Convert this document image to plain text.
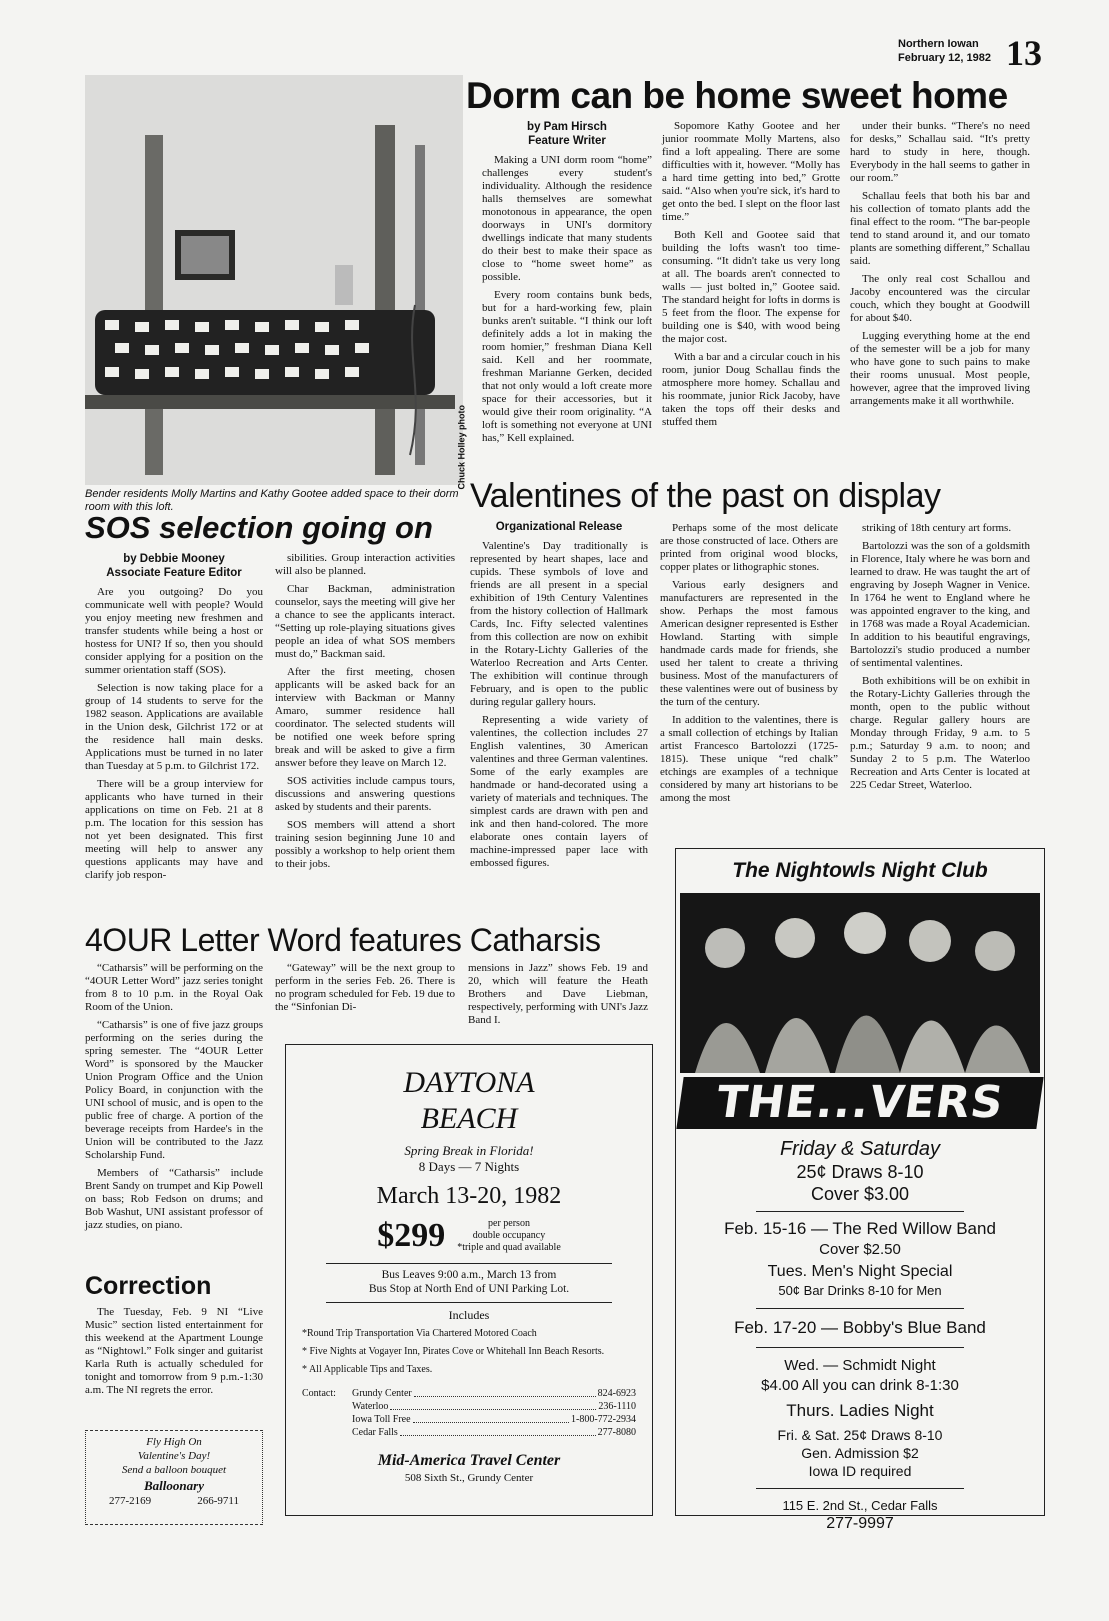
Northern Iowan
February 12, 1982 13
Chuck Holley photo
Bender residents Molly Martins and Kathy Gootee added space to their dorm room with this loft.
Dorm can be home sweet home
by Pam Hirsch
Feature Writer

Making a UNI dorm room “home” challenges every student's individuality. Although the residence halls themselves are somewhat monotonous in appearance, the open doorways in UNI's dormitory dwellings indicate that many students do their best to make their space as close to “home sweet home” as possible.

Every room contains bunk beds, but for a hard-working few, plain bunks aren't suitable. “I think our loft definitely adds a lot in making the room homier,” freshman Diana Kell said. Kell and her roommate, freshman Marianne Gerken, decided that not only would a loft create more space for their accessories, but it would give their room originality. “A loft is something not everyone at UNI has,” Kell explained.

Sopomore Kathy Gootee and her junior roommate Molly Martens, also find a loft appealing. There are some difficulties with it, however. “Molly has a hard time getting into bed,” Grotte said. “Also when you're sick, it's hard to get onto the bed. I slept on the floor last time.”

Both Kell and Gootee said that building the lofts wasn't too time-consuming. “It didn't take us very long at all. The boards aren't connected to walls — just bolted in,” Gootee said. The standard height for lofts in dorms is 5 feet from the floor. The expense for building one is $40, with wood being the major cost.

With a bar and a circular couch in his room, junior Doug Schallau finds the atmosphere more homey. Schallau and his roommate, junior Rick Jacoby, have taken the tops off their desks and stuffed them

under their bunks. “There's no need for desks,” Schallau said. “It's pretty hard to study in here, though. Everybody in the hall seems to gather in our room.”

Schallau feels that both his bar and his collection of tomato plants add the final effect to the room. “The bar-people tend to stand around it, and our tomato plants are something different,” Schallau said.

The only real cost Schallou and Jacoby encountered was the circular couch, which they bought at Goodwill for about $40.

Lugging everything home at the end of the semester will be a job for many who have gone to such pains to make their rooms unusual. Most people, however, agree that the improved living arrangements make it all worthwhile.

SOS selection going on
by Debbie Mooney
Associate Feature Editor

Are you outgoing? Do you communicate well with people? Would you enjoy meeting new freshmen and transfer students while being a host or hostess for UNI? If so, then you should consider applying for a position on the summer orientation staff (SOS).

Selection is now taking place for a group of 14 students to serve for the 1982 season. Applications are available in the Union desk, Gilchrist 172 or at the residence hall main desks. Applications must be turned in no later than Tuesday at 5 p.m. to Gilchrist 172.

There will be a group interview for applicants who have turned in their applications on time on Feb. 21 at 8 p.m. The location for this session has not yet been designated. This first meeting will help to answer any questions applicants may have and clarify job respon-

sibilities. Group interaction activities will also be planned.

Char Backman, administration counselor, says the meeting will give her a chance to see the applicants interact. “Setting up role-playing situations gives people an idea of what SOS members must do,” Backman said.

After the first meeting, chosen applicants will be asked back for an interview with Backman or Manny Amaro, summer residence hall coordinator. The selected students will be notified one week before spring break and will be asked to give a firm answer before they leave on March 12.

SOS activities include campus tours, discussions and answering questions asked by students and their parents.

SOS members will attend a short training sesion beginning June 10 and possibly a workshop to help orient them to their jobs.

Valentines of the past on display
Organizational Release

Valentine's Day traditionally is represented by heart shapes, lace and cupids. These symbols of love and friends are all present in a special exhibition of 19th Century Valentines from the history collection of Hallmark Cards, Inc. Fifty selected valentines from this collection are now on exhibit in the Rotary-Lichty Galleries of the Waterloo Recreation and Arts Center. The exhibition will continue through February, and is open to the public during regular gallery hours.

Representing a wide variety of valentines, the collection includes 27 English valentines, 30 American valentines and three German valentines. Some of the early examples are handmade or hand-decorated using a variety of materials and techniques. The simplest cards are drawn with pen and ink and then hand-colored. The more elaborate ones contain layers of machine-impressed paper lace with embossed figures.

Perhaps some of the most delicate are those constructed of lace. Others are printed from original wood blocks, copper plates or lithographic stones.

Various early designers and manufacturers are represented in the show. Perhaps the most famous American designer represented is Esther Howland. Starting with simple handmade cards made for friends, she used her talent to create a thriving business. Most of the manufacturers of these valentines were out of business by the turn of the century.

In addition to the valentines, there is a small collection of etchings by Italian artist Francesco Bartolozzi (1725-1815). These unique “red chalk” etchings are examples of a technique considered by many art historians to be among the most

striking of 18th century art forms.

Bartolozzi was the son of a goldsmith in Florence, Italy where he was born and learned to draw. He was taught the art of engraving by Joseph Wagner in Venice. In 1764 he went to England where he was appointed engraver to the king, and in 1768 was made a Royal Academician. In addition to his beautiful engravings, Bartolozzi's studio produced a number of sentimental valentines.

Both exhibitions will be on exhibit in the Rotary-Lichty Galleries through the month, open to the public without charge. Regular gallery hours are Monday through Friday, 9 a.m. to 5 p.m.; Saturday 9 a.m. to noon; and Sunday 2 to 5 p.m. The Waterloo Recreation and Arts Center is located at 225 Cedar Street, Waterloo.

4OUR Letter Word features Catharsis

“Catharsis” will be performing on the “4OUR Letter Word” jazz series tonight from 8 to 10 p.m. in the Royal Oak Room of the Union.

“Catharsis” is one of five jazz groups performing on the series during the spring semester. The “4OUR Letter Word” is sponsored by the Maucker Union Program Office and the Union Policy Board, in conjunction with the UNI school of music, and is open to the public free of charge. A portion of the beverage receipts from Hardee's in the Union will be contributed to the Jazz Scholarship Fund.

Members of “Catharsis” include Brent Sandy on trumpet and Kip Powell on bass; Rob Fedson on drums; and Bob Washut, UNI assistant professor of jazz studies, on piano.

“Gateway” will be the next group to perform in the series Feb. 26. There is no program scheduled for Feb. 19 due to the “Sinfonian Di-

mensions in Jazz” shows Feb. 19 and 20, which will feature the Heath Brothers and Dave Liebman, respectively, performing with UNI's Jazz Band I.

Correction

The Tuesday, Feb. 9 NI “Live Music” section listed entertainment for this weekend at the Apartment Lounge as “Nightowl.” Folk singer and guitarist Karla Ruth is actually scheduled for tonight and tomorrow from 9 p.m.-1:30 a.m. The NI regrets the error.

Fly High On
Valentine's Day!
Send a balloon bouquet
Balloonary
277-2169	266-9711
DAYTONA
BEACH
Spring Break in Florida!
8 Days — 7 Nights
March 13-20, 1982
$299	per person
double occupancy
*triple and quad available
Bus Leaves 9:00 a.m., March 13 from
Bus Stop at North End of UNI Parking Lot.
Includes
*Round Trip Transportation Via Chartered Motored Coach
* Five Nights at Vogayer Inn, Pirates Cove or Whitehall Inn Beach Resorts.
* All Applicable Tips and Taxes.
Contact:	Grundy Center	824-6923
Waterloo	236-1110
Iowa Toll Free	1-800-772-2934
Cedar Falls	277-8080
Mid-America Travel Center
508 Sixth St., Grundy Center
The Nightowls Night Club
THE...VERS
Friday & Saturday
25¢ Draws 8-10
Cover $3.00
Feb. 15-16 — The Red Willow Band
Cover $2.50
Tues. Men's Night Special
50¢ Bar Drinks 8-10 for Men
Feb. 17-20 — Bobby's Blue Band
Wed. — Schmidt Night
$4.00 All you can drink 8-1:30
Thurs. Ladies Night
Fri. & Sat. 25¢ Draws 8-10
Gen. Admission $2
Iowa ID required
115 E. 2nd St., Cedar Falls
277-9997
